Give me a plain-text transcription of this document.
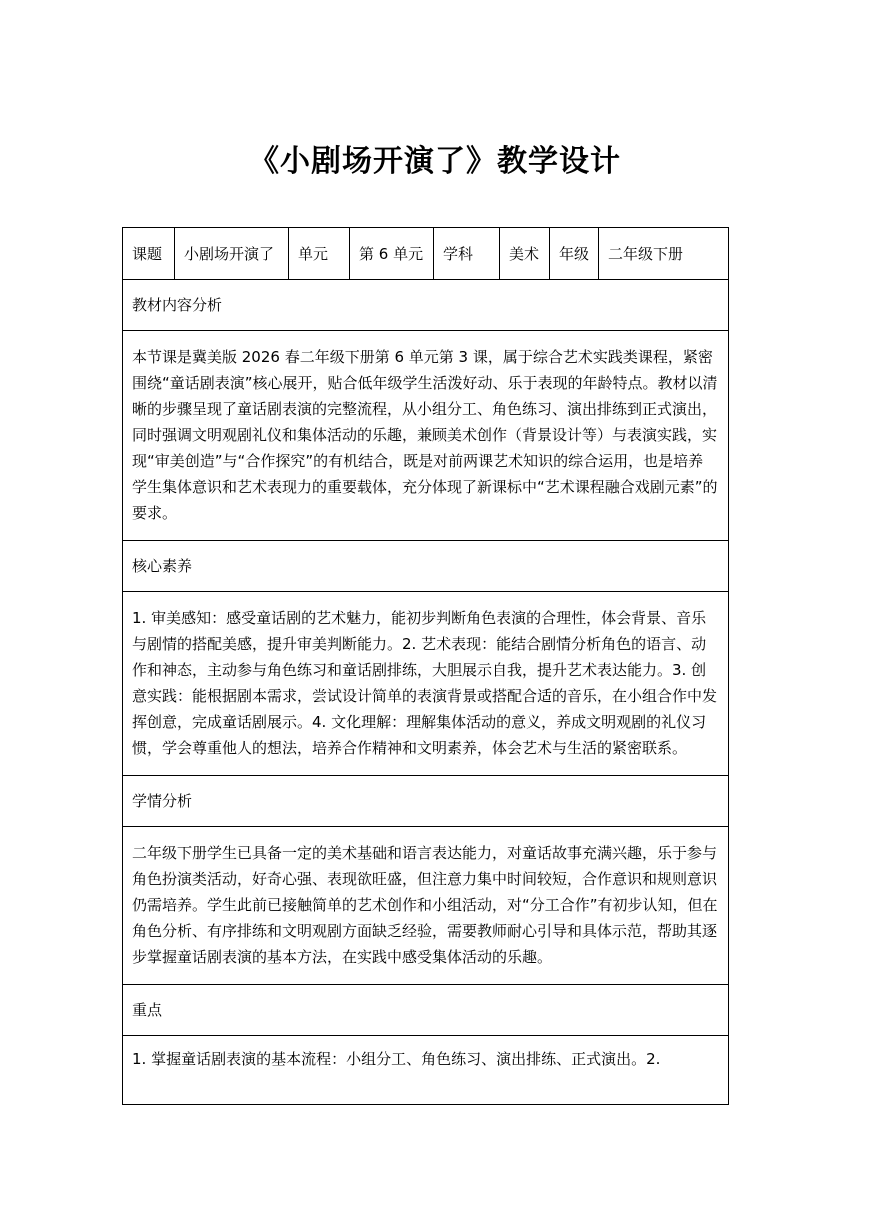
《小剧场开演了》教学设计
课题	小剧场开演了	单元	第 6 单元	学科	美术	年级	二年级下册
教材内容分析
本节课是冀美版 2026 春二年级下册第 6 单元第 3 课，属于综合艺术实践类课程，紧密围绕“童话剧表演”核心展开，贴合低年级学生活泼好动、乐于表现的年龄特点。教材以清晰的步骤呈现了童话剧表演的完整流程，从小组分工、角色练习、演出排练到正式演出，同时强调文明观剧礼仪和集体活动的乐趣，兼顾美术创作（背景设计等）与表演实践，实现“审美创造”与“合作探究”的有机结合，既是对前两课艺术知识的综合运用，也是培养学生集体意识和艺术表现力的重要载体，充分体现了新课标中“艺术课程融合戏剧元素”的要求。
核心素养
1. 审美感知：感受童话剧的艺术魅力，能初步判断角色表演的合理性，体会背景、音乐与剧情的搭配美感，提升审美判断能力。2. 艺术表现：能结合剧情分析角色的语言、动作和神态，主动参与角色练习和童话剧排练，大胆展示自我，提升艺术表达能力。3. 创意实践：能根据剧本需求，尝试设计简单的表演背景或搭配合适的音乐，在小组合作中发挥创意，完成童话剧展示。4. 文化理解：理解集体活动的意义，养成文明观剧的礼仪习惯，学会尊重他人的想法，培养合作精神和文明素养，体会艺术与生活的紧密联系。
学情分析
二年级下册学生已具备一定的美术基础和语言表达能力，对童话故事充满兴趣，乐于参与角色扮演类活动，好奇心强、表现欲旺盛，但注意力集中时间较短，合作意识和规则意识仍需培养。学生此前已接触简单的艺术创作和小组活动，对“分工合作”有初步认知，但在角色分析、有序排练和文明观剧方面缺乏经验，需要教师耐心引导和具体示范，帮助其逐步掌握童话剧表演的基本方法，在实践中感受集体活动的乐趣。
重点
1. 掌握童话剧表演的基本流程：小组分工、角色练习、演出排练、正式演出。2.
